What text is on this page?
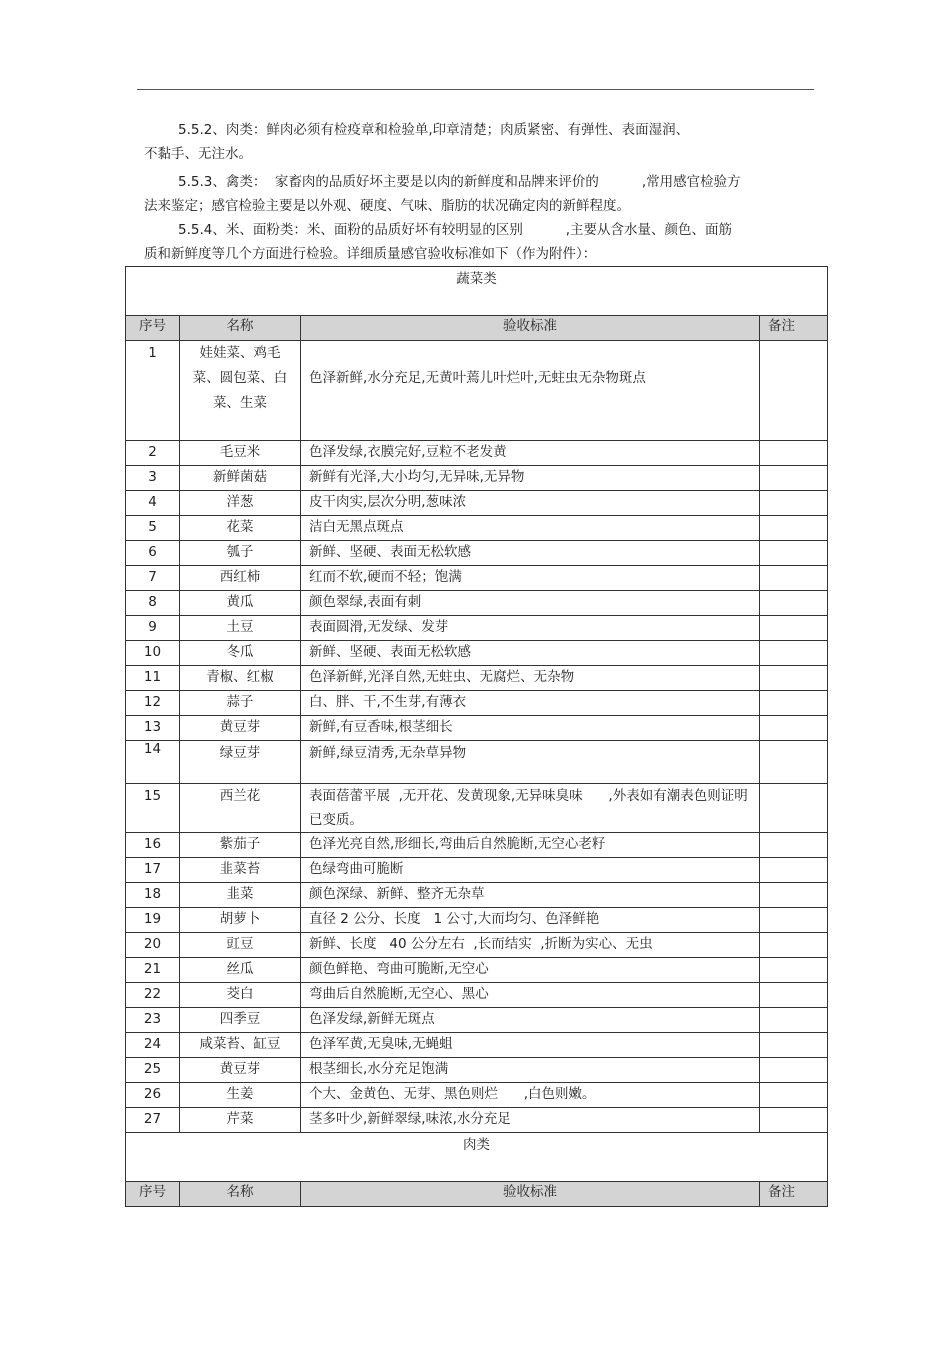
5.5.2、肉类：鲜肉必须有检疫章和检验单,印章清楚；肉质紧密、有弹性、表面湿润、
不黏手、无注水。
5.5.3、禽类：  家畜肉的品质好坏主要是以肉的新鲜度和品牌来评价的          ,常用感官检验方
法来鉴定；感官检验主要是以外观、硬度、气味、脂肪的状况确定肉的新鲜程度。
5.5.4、米、面粉类：米、面粉的品质好坏有较明显的区别          ,主要从含水量、颜色、面筋
质和新鲜度等几个方面进行检验。详细质量感官验收标准如下（作为附件）：
蔬菜类			
序号	名称	验收标准	备注
1	娃娃菜、鸡毛菜、圆包菜、白菜、生菜	色泽新鲜,水分充足,无黄叶蔫儿叶烂叶,无蛀虫无杂物斑点	
2	毛豆米	色泽发绿,衣膜完好,豆粒不老发黄	
3	新鲜菌菇	新鲜有光泽,大小均匀,无异味,无异物	
4	洋葱	皮干肉实,层次分明,葱味浓	
5	花菜	洁白无黑点斑点	
6	瓠子	新鲜、坚硬、表面无松软感	
7	西红柿	红而不软,硬而不轻；饱满	
8	黄瓜	颜色翠绿,表面有刺	
9	土豆	表面圆滑,无发绿、发芽	
10	冬瓜	新鲜、坚硬、表面无松软感	
11	青椒、红椒	色泽新鲜,光泽自然,无蛀虫、无腐烂、无杂物	
12	蒜子	白、胖、干,不生芽,有薄衣	
13	黄豆芽	新鲜,有豆香味,根茎细长	
14	绿豆芽	新鲜,绿豆清秀,无杂草异物	
15	西兰花	表面蓓蕾平展  ,无开花、发黄现象,无异味臭味      ,外表如有潮表色则证明已变质。	
16	紫茄子	色泽光亮自然,形细长,弯曲后自然脆断,无空心老籽	
17	韭菜苔	色绿弯曲可脆断	
18	韭菜	颜色深绿、新鲜、整齐无杂草	
19	胡萝卜	直径 2 公分、长度   1 公寸,大而均匀、色泽鲜艳	
20	豇豆	新鲜、长度   40 公分左右  ,长而结实  ,折断为实心、无虫	
21	丝瓜	颜色鲜艳、弯曲可脆断,无空心	
22	茭白	弯曲后自然脆断,无空心、黑心	
23	四季豆	色泽发绿,新鲜无斑点	
24	咸菜苔、缸豆	色泽军黄,无臭味,无蝇蛆	
25	黄豆芽	根茎细长,水分充足饱满	
26	生姜	个大、金黄色、无芽、黑色则烂      ,白色则嫩。	
27	芹菜	茎多叶少,新鲜翠绿,味浓,水分充足	
肉类
序号	名称	验收标准	备注
